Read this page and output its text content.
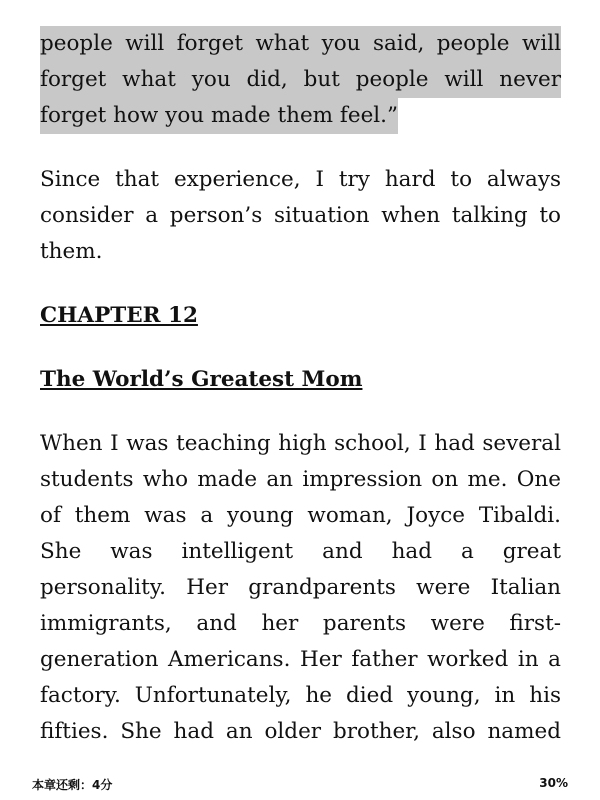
people will forget what you said, people will
forget what you did, but people will never
forget how you made them feel.”

Since that experience, I try hard to always
consider a person’s situation when talking to
them.

CHAPTER 12
The World’s Greatest Mom

When I was teaching high school, I had several
students who made an impression on me. One
of them was a young woman, Joyce Tibaldi.
She was intelligent and had a great
personality. Her grandparents were Italian
immigrants, and her parents were first-
generation Americans. Her father worked in a
factory. Unfortunately, he died young, in his
fifties. She had an older brother, also named

本章还剩：4分	30%
